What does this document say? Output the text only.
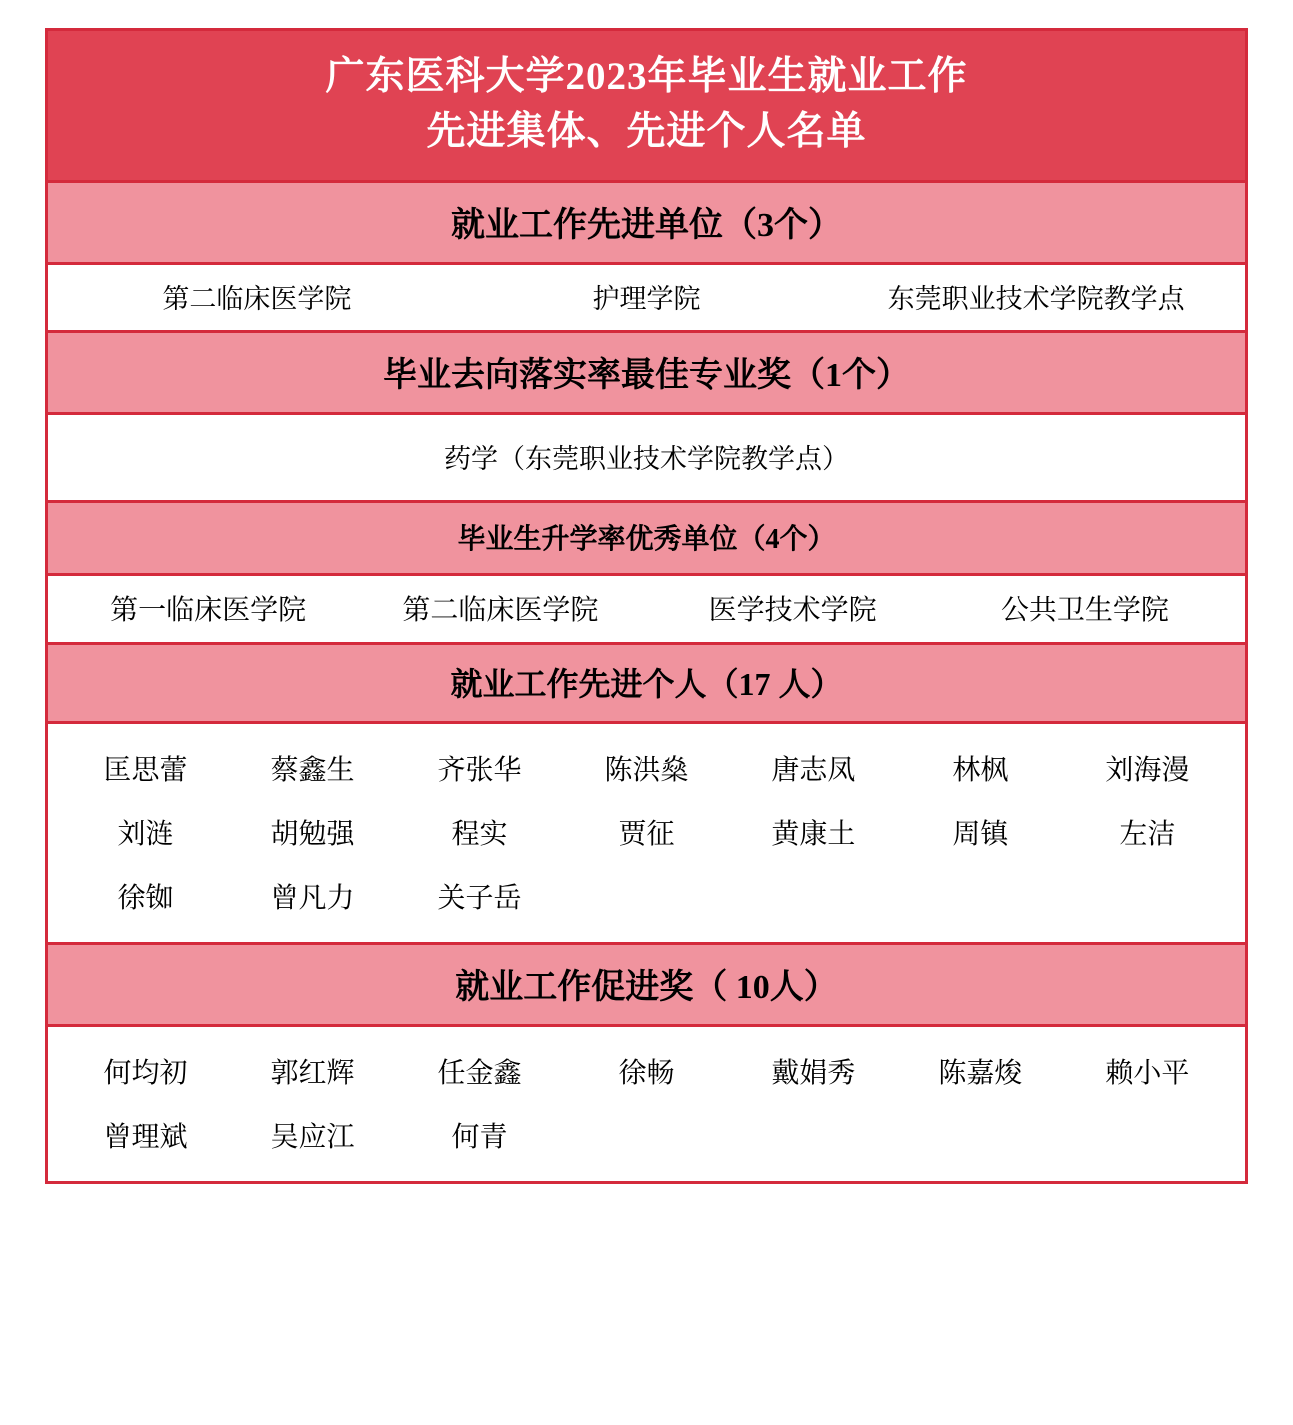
广东医科大学2023年毕业生就业工作
先进集体、先进个人名单
就业工作先进单位（3个）
第二临床医学院	护理学院	东莞职业技术学院教学点
毕业去向落实率最佳专业奖（1个）
药学（东莞职业技术学院教学点）
毕业生升学率优秀单位（4个）
第一临床医学院	第二临床医学院	医学技术学院	公共卫生学院
就业工作先进个人（17 人）
匡思蕾	蔡鑫生	齐张华	陈洪燊	唐志凤	林枫	刘海漫
刘涟	胡勉强	程实	贾征	黄康土	周镇	左洁
徐铷	曾凡力	关子岳
就业工作促进奖（ 10人）
何均初	郭红辉	任金鑫	徐畅	戴娟秀	陈嘉焌	赖小平
曾理斌	吴应江	何青
